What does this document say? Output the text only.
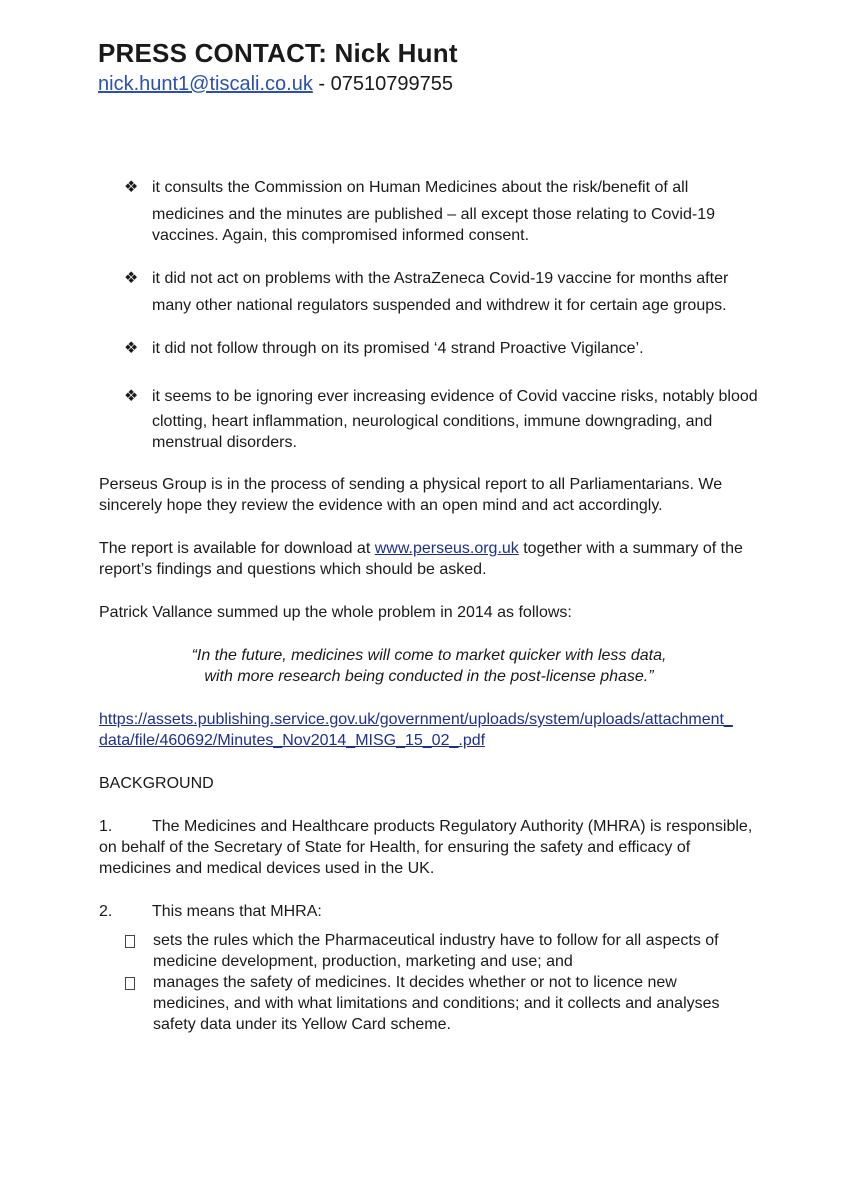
PRESS CONTACT: Nick Hunt
nick.hunt1@tiscali.co.uk - 07510799755
❖ it consults the Commission on Human Medicines about the risk/benefit of all
medicines and the minutes are published – all except those relating to Covid-19 vaccines. Again, this compromised informed consent.
❖ it did not act on problems with the AstraZeneca Covid-19 vaccine for months after
many other national regulators suspended and withdrew it for certain age groups.
❖ it did not follow through on its promised ‘4 strand Proactive Vigilance’.
❖ it seems to be ignoring ever increasing evidence of Covid vaccine risks, notably blood
clotting, heart inflammation, neurological conditions, immune downgrading, and menstrual disorders.
Perseus Group is in the process of sending a physical report to all Parliamentarians. We sincerely hope they review the evidence with an open mind and act accordingly.
The report is available for download at www.perseus.org.uk together with a summary of the report’s findings and questions which should be asked.
Patrick Vallance summed up the whole problem in 2014 as follows:
“In the future, medicines will come to market quicker with less data,
with more research being conducted in the post-license phase.”
https://assets.publishing.service.gov.uk/government/uploads/system/uploads/attachment_
data/file/460692/Minutes_Nov2014_MISG_15_02_.pdf
BACKGROUND
1. The Medicines and Healthcare products Regulatory Authority (MHRA) is responsible,
on behalf of the Secretary of State for Health, for ensuring the safety and efficacy of medicines and medical devices used in the UK.
2. This means that MHRA:
sets the rules which the Pharmaceutical industry have to follow for all aspects of medicine development, production, marketing and use; and
manages the safety of medicines. It decides whether or not to licence new medicines, and with what limitations and conditions; and it collects and analyses safety data under its Yellow Card scheme.
